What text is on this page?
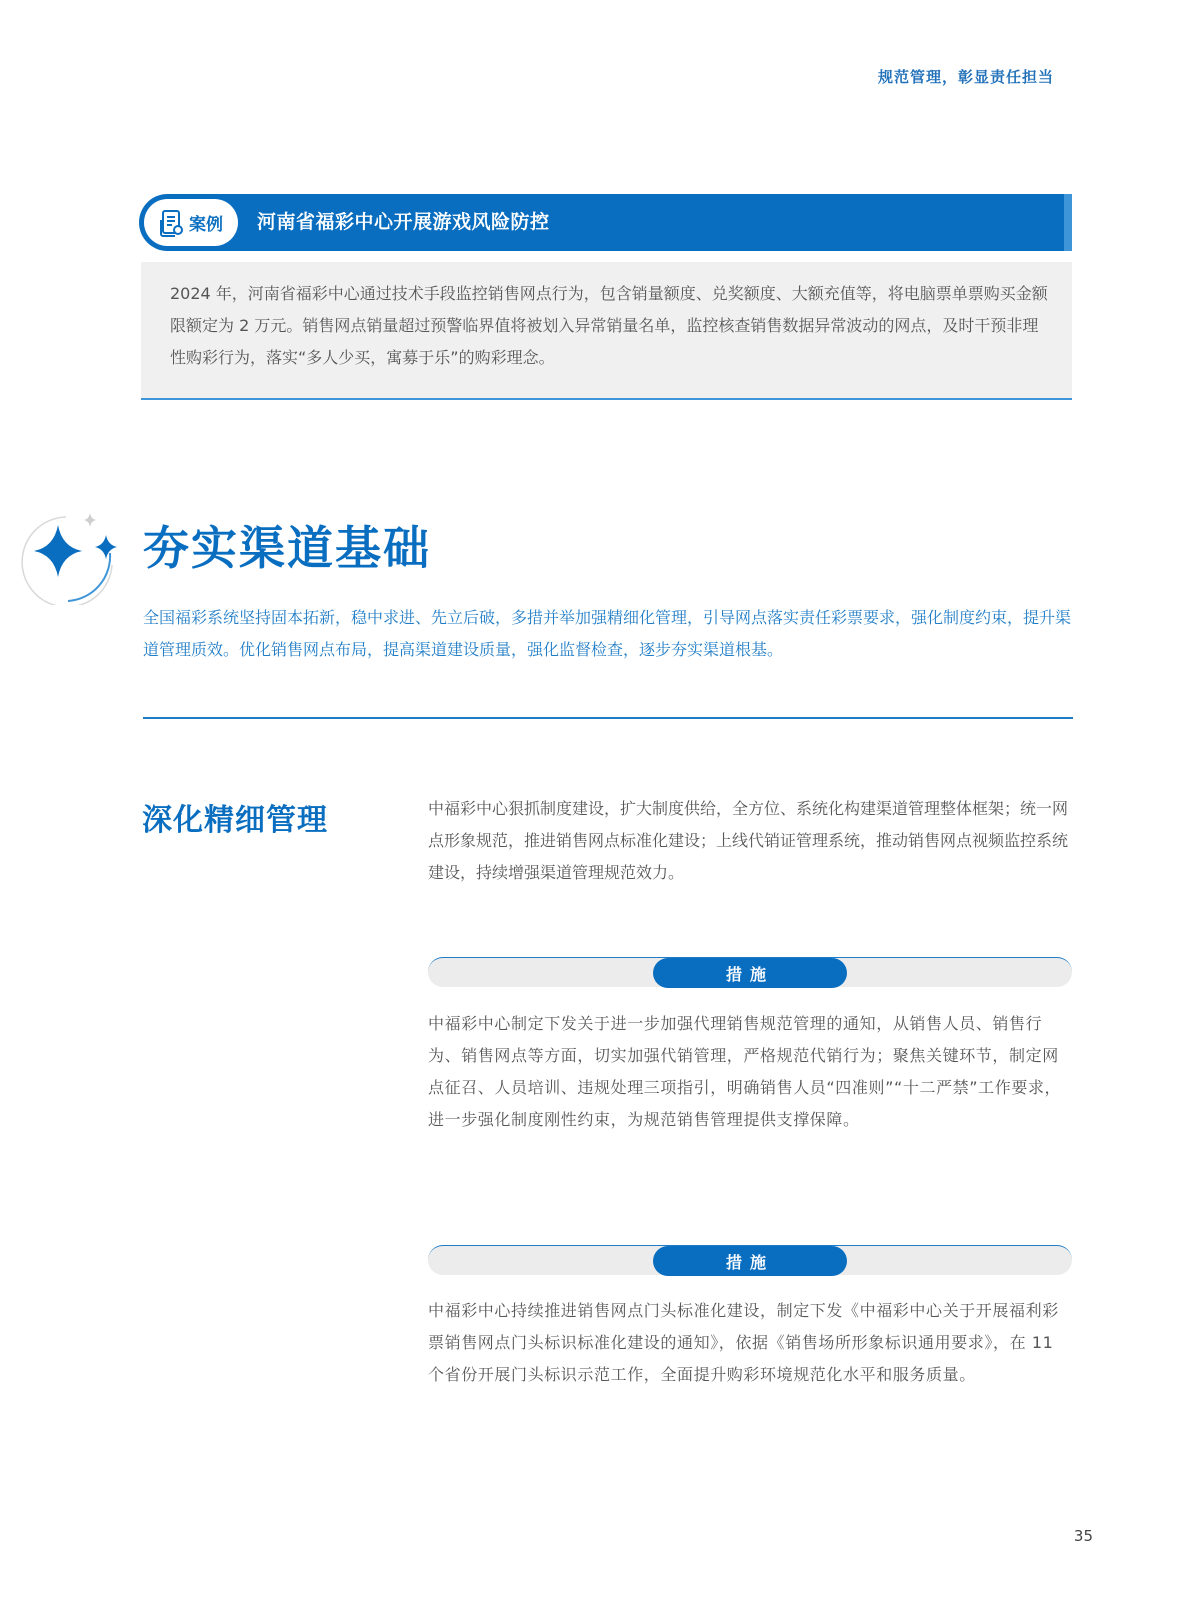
规范管理，彰显责任担当
案例 河南省福彩中心开展游戏风险防控
2024 年，河南省福彩中心通过技术手段监控销售网点行为，包含销量额度、兑奖额度、大额充值等，将电脑票单票购买金额限额定为 2 万元。销售网点销量超过预警临界值将被划入异常销量名单，监控核查销售数据异常波动的网点，及时干预非理性购彩行为，落实“多人少买，寓募于乐”的购彩理念。
夯实渠道基础
全国福彩系统坚持固本拓新，稳中求进、先立后破，多措并举加强精细化管理，引导网点落实责任彩票要求，强化制度约束，提升渠道管理质效。优化销售网点布局，提高渠道建设质量，强化监督检查，逐步夯实渠道根基。
深化精细管理	中福彩中心狠抓制度建设，扩大制度供给，全方位、系统化构建渠道管理整体框架；统一网点形象规范，推进销售网点标准化建设；上线代销证管理系统，推动销售网点视频监控系统建设，持续增强渠道管理规范效力。
措施
中福彩中心制定下发关于进一步加强代理销售规范管理的通知，从销售人员、销售行为、销售网点等方面，切实加强代销管理，严格规范代销行为；聚焦关键环节，制定网点征召、人员培训、违规处理三项指引，明确销售人员“四准则”“十二严禁”工作要求，进一步强化制度刚性约束，为规范销售管理提供支撑保障。
措施
中福彩中心持续推进销售网点门头标准化建设，制定下发《中福彩中心关于开展福利彩票销售网点门头标识标准化建设的通知》，依据《销售场所形象标识通用要求》，在 11 个省份开展门头标识示范工作，全面提升购彩环境规范化水平和服务质量。
35
